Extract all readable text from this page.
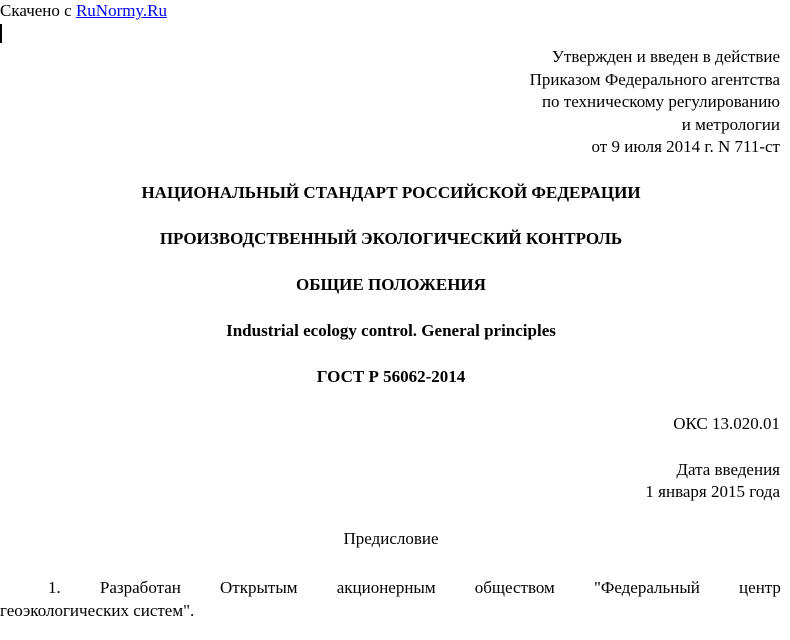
Скачено с RuNormy.Ru
Утвержден и введен в действие
Приказом Федерального агентства
по техническому регулированию
и метрологии
от 9 июля 2014 г. N 711-ст
НАЦИОНАЛЬНЫЙ СТАНДАРТ РОССИЙСКОЙ ФЕДЕРАЦИИ
ПРОИЗВОДСТВЕННЫЙ ЭКОЛОГИЧЕСКИЙ КОНТРОЛЬ
ОБЩИЕ ПОЛОЖЕНИЯ
Industrial ecology control. General principles
ГОСТ Р 56062-2014
ОКС 13.020.01
Дата введения
1 января 2015 года
Предисловие
1. Разработан Открытым акционерным обществом "Федеральный центр
геоэкологических систем".
